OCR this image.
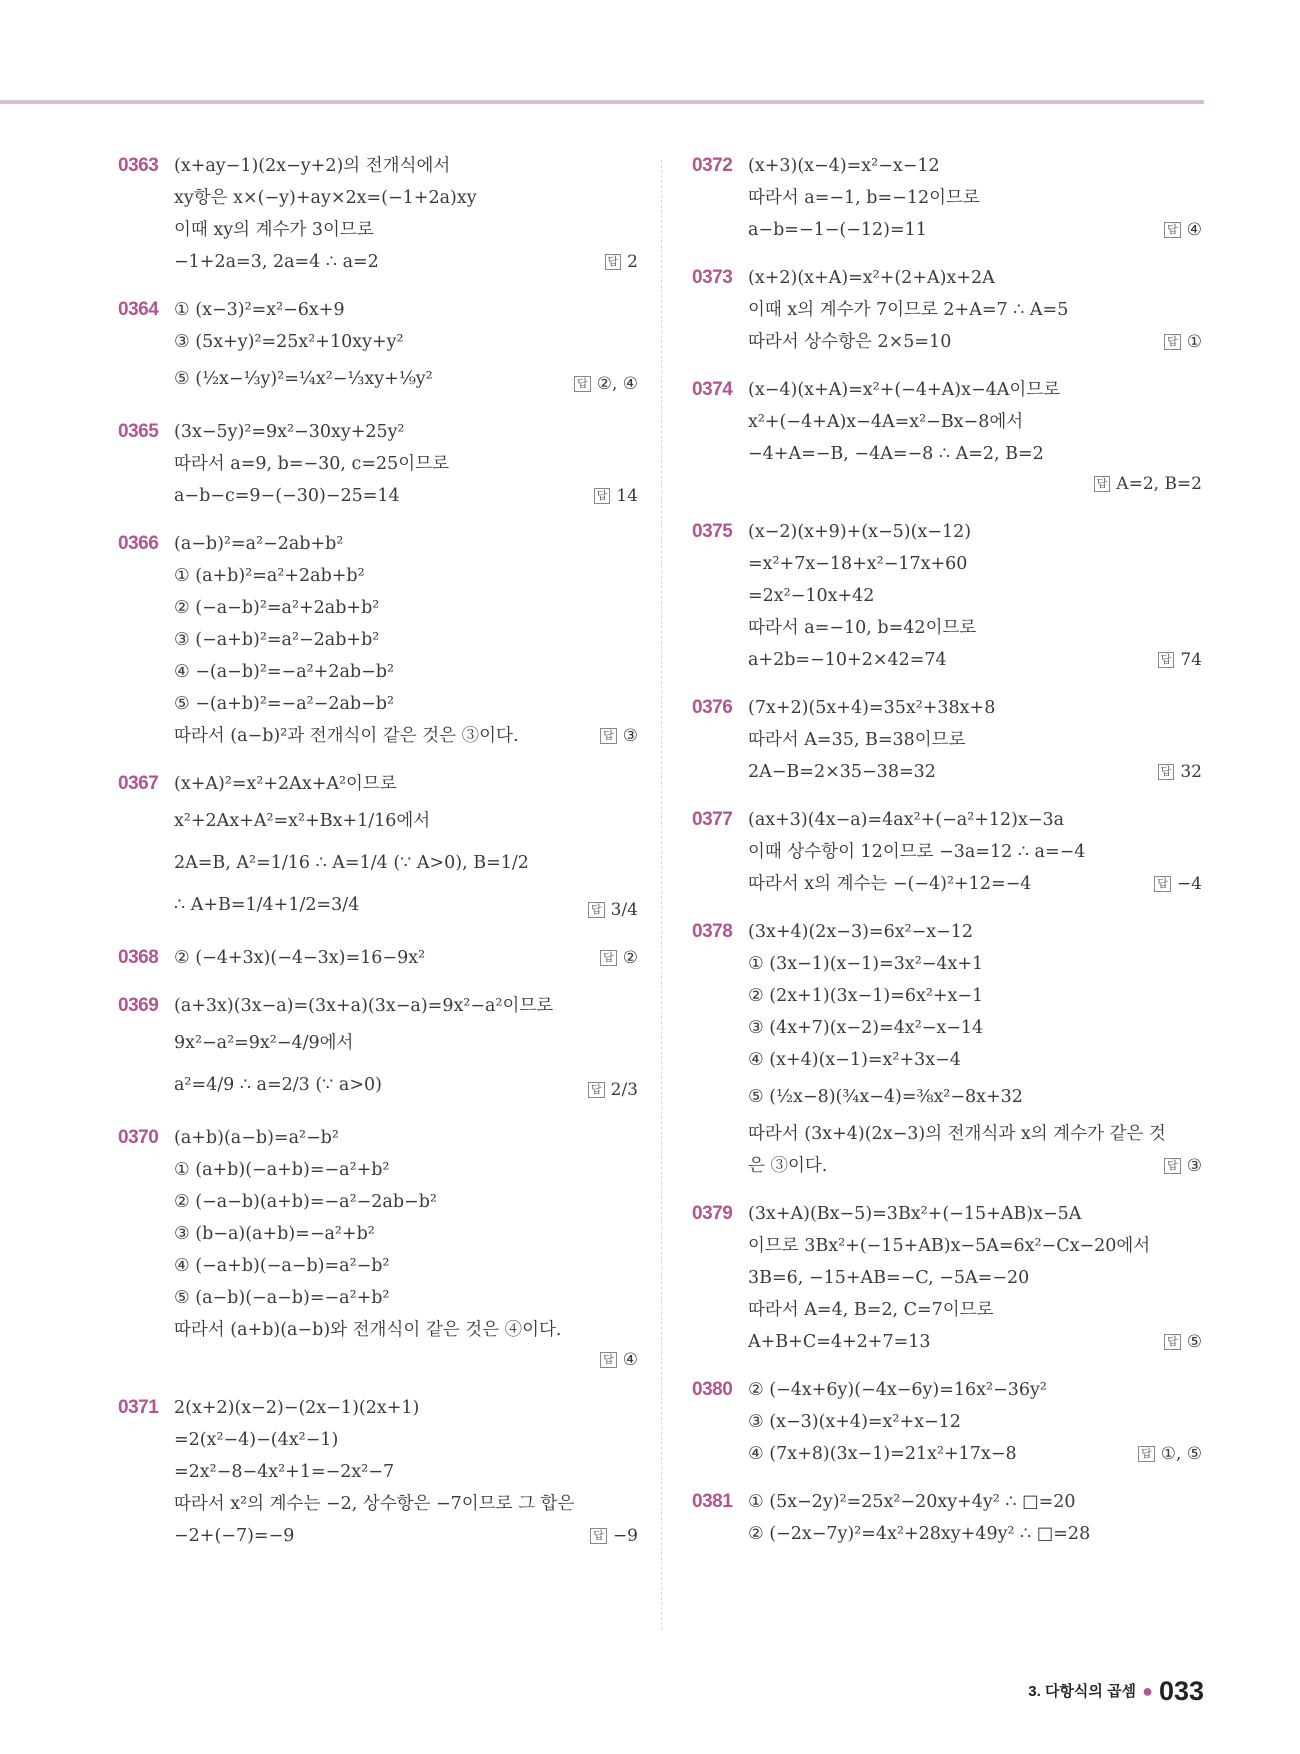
0363 (x+ay−1)(2x−y+2)의 전개식에서
xy항은 x×(−y)+ay×2x=(−1+2a)xy
이때 xy의 계수가 3이므로
−1+2a=3, 2a=4 ∴ a=2	답 2
0364 ① (x−3)²=x²−6x+9
③ (5x+y)²=25x²+10xy+y²
⑤ (½x−⅓y)²=¼x²−⅓xy+⅑y²	답 ②, ④
0365 (3x−5y)²=9x²−30xy+25y²
따라서 a=9, b=−30, c=25이므로
a−b−c=9−(−30)−25=14	답 14
0366 (a−b)²=a²−2ab+b²
① (a+b)²=a²+2ab+b²
② (−a−b)²=a²+2ab+b²
③ (−a+b)²=a²−2ab+b²
④ −(a−b)²=−a²+2ab−b²
⑤ −(a+b)²=−a²−2ab−b²
따라서 (a−b)²과 전개식이 같은 것은 ③이다.	답 ③
0367 (x+A)²=x²+2Ax+A²이므로
x²+2Ax+A²=x²+Bx+1/16에서
2A=B, A²=1/16 ∴ A=1/4 (∵ A>0), B=1/2
∴ A+B=1/4+1/2=3/4	답 3/4
0368 ② (−4+3x)(−4−3x)=16−9x²	답 ②
0369 (a+3x)(3x−a)=(3x+a)(3x−a)=9x²−a²이므로
9x²−a²=9x²−4/9에서
a²=4/9 ∴ a=2/3 (∵ a>0)	답 2/3
0370 (a+b)(a−b)=a²−b²
① (a+b)(−a+b)=−a²+b²
② (−a−b)(a+b)=−a²−2ab−b²
③ (b−a)(a+b)=−a²+b²
④ (−a+b)(−a−b)=a²−b²
⑤ (a−b)(−a−b)=−a²+b²
따라서 (a+b)(a−b)와 전개식이 같은 것은 ④이다.
답 ④
0371 2(x+2)(x−2)−(2x−1)(2x+1)
=2(x²−4)−(4x²−1)
=2x²−8−4x²+1=−2x²−7
따라서 x²의 계수는 −2, 상수항은 −7이므로 그 합은
−2+(−7)=−9	답 −9
0372 (x+3)(x−4)=x²−x−12
따라서 a=−1, b=−12이므로
a−b=−1−(−12)=11	답 ④
0373 (x+2)(x+A)=x²+(2+A)x+2A
이때 x의 계수가 7이므로 2+A=7 ∴ A=5
따라서 상수항은 2×5=10	답 ①
0374 (x−4)(x+A)=x²+(−4+A)x−4A이므로
x²+(−4+A)x−4A=x²−Bx−8에서
−4+A=−B, −4A=−8 ∴ A=2, B=2
답 A=2, B=2
0375 (x−2)(x+9)+(x−5)(x−12)
=x²+7x−18+x²−17x+60
=2x²−10x+42
따라서 a=−10, b=42이므로
a+2b=−10+2×42=74	답 74
0376 (7x+2)(5x+4)=35x²+38x+8
따라서 A=35, B=38이므로
2A−B=2×35−38=32	답 32
0377 (ax+3)(4x−a)=4ax²+(−a²+12)x−3a
이때 상수항이 12이므로 −3a=12 ∴ a=−4
따라서 x의 계수는 −(−4)²+12=−4	답 −4
0378 (3x+4)(2x−3)=6x²−x−12
① (3x−1)(x−1)=3x²−4x+1
② (2x+1)(3x−1)=6x²+x−1
③ (4x+7)(x−2)=4x²−x−14
④ (x+4)(x−1)=x²+3x−4
⑤ (½x−8)(¾x−4)=⅜x²−8x+32
따라서 (3x+4)(2x−3)의 전개식과 x의 계수가 같은 것
은 ③이다.	답 ③
0379 (3x+A)(Bx−5)=3Bx²+(−15+AB)x−5A
이므로 3Bx²+(−15+AB)x−5A=6x²−Cx−20에서
3B=6, −15+AB=−C, −5A=−20
따라서 A=4, B=2, C=7이므로
A+B+C=4+2+7=13	답 ⑤
0380 ② (−4x+6y)(−4x−6y)=16x²−36y²
③ (x−3)(x+4)=x²+x−12
④ (7x+8)(3x−1)=21x²+17x−8	답 ①, ⑤
0381 ① (5x−2y)²=25x²−20xy+4y² ∴ □=20
② (−2x−7y)²=4x²+28xy+49y² ∴ □=28
3. 다항식의 곱셈 ● 033
